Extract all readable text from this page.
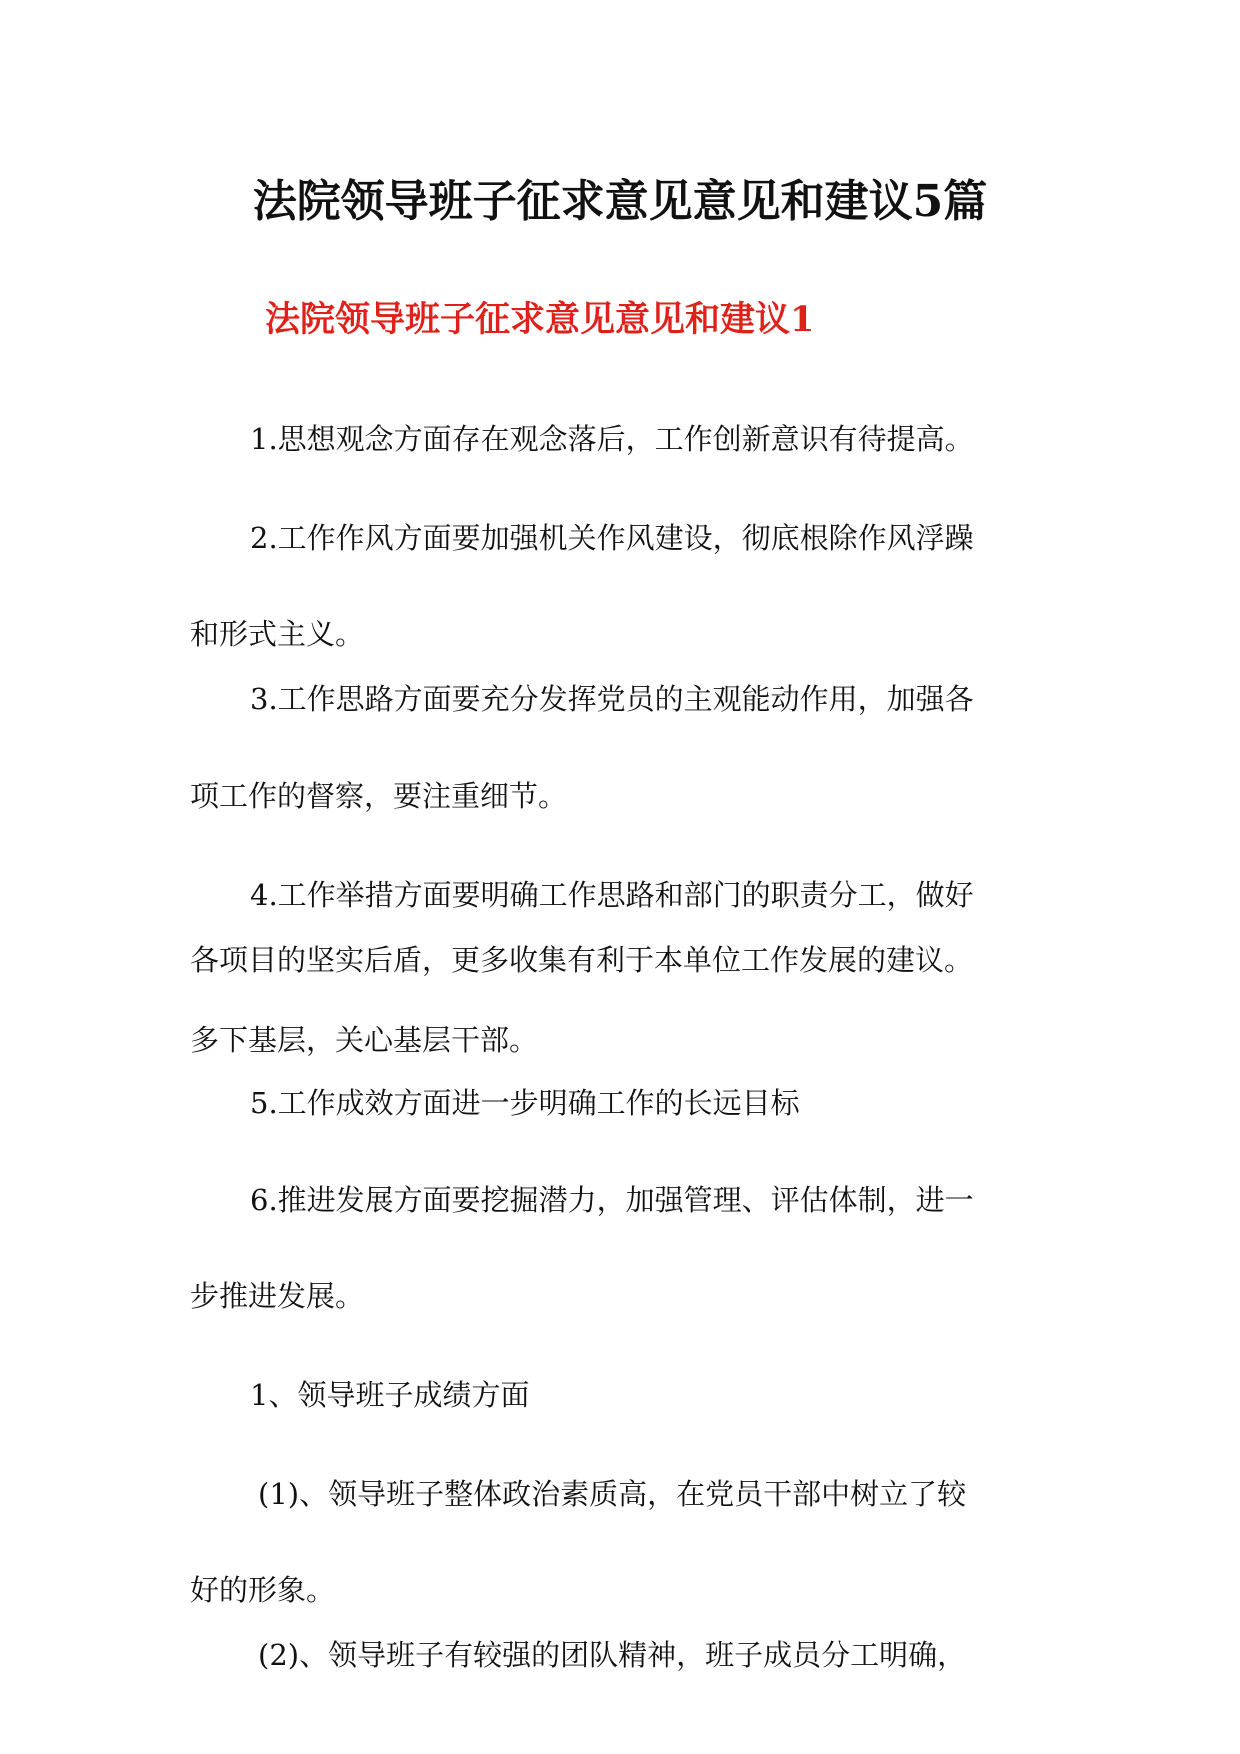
法院领导班子征求意见意见和建议5篇
法院领导班子征求意见意见和建议1
1.思想观念方面存在观念落后，工作创新意识有待提高。
2.工作作风方面要加强机关作风建设，彻底根除作风浮躁
和形式主义。
3.工作思路方面要充分发挥党员的主观能动作用，加强各
项工作的督察，要注重细节。
4.工作举措方面要明确工作思路和部门的职责分工，做好
各项目的坚实后盾，更多收集有利于本单位工作发展的建议。
多下基层，关心基层干部。
5.工作成效方面进一步明确工作的长远目标
6.推进发展方面要挖掘潜力，加强管理、评估体制，进一
步推进发展。
1、领导班子成绩方面
(1)、领导班子整体政治素质高，在党员干部中树立了较
好的形象。
(2)、领导班子有较强的团队精神，班子成员分工明确，
